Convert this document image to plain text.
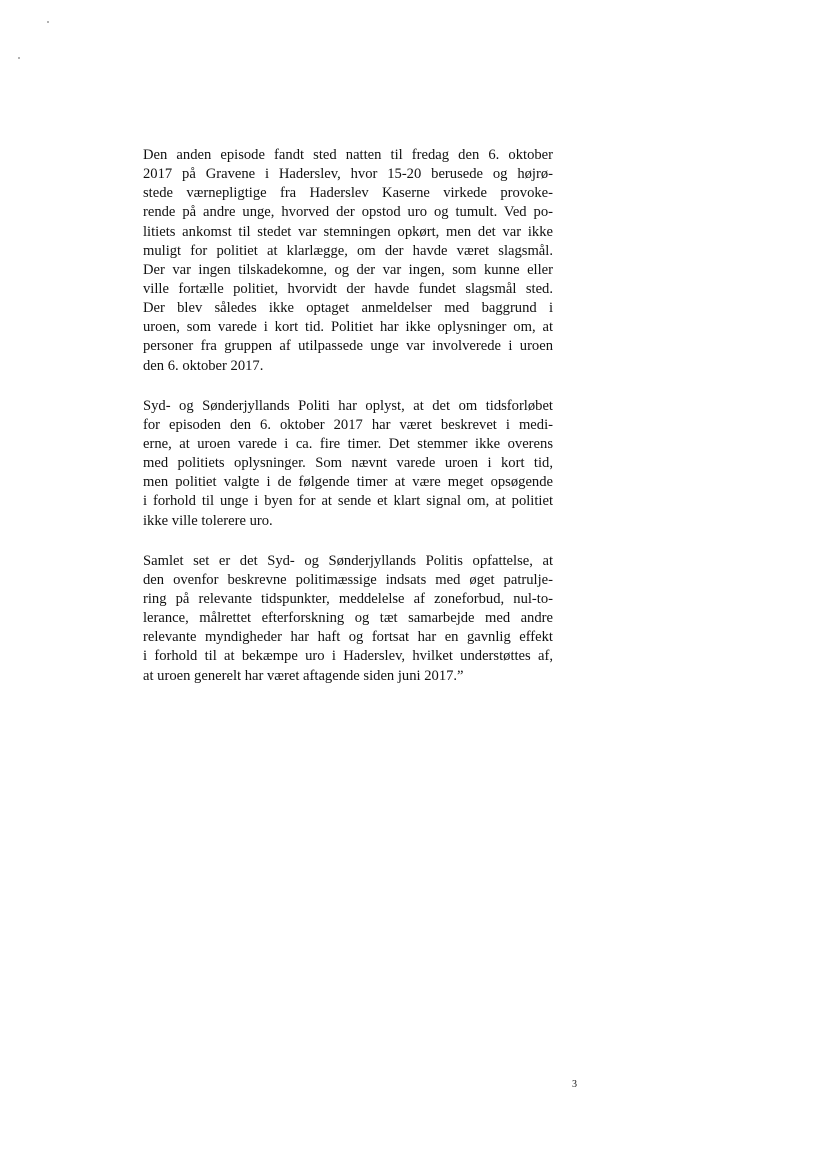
Den anden episode fandt sted natten til fredag den 6. oktober
2017 på Gravene i Haderslev, hvor 15-20 berusede og højrø-
stede værnepligtige fra Haderslev Kaserne virkede provoke-
rende på andre unge, hvorved der opstod uro og tumult. Ved po-
litiets ankomst til stedet var stemningen opkørt, men det var ikke
muligt for politiet at klarlægge, om der havde været slagsmål.
Der var ingen tilskadekomne, og der var ingen, som kunne eller
ville fortælle politiet, hvorvidt der havde fundet slagsmål sted.
Der blev således ikke optaget anmeldelser med baggrund i
uroen, som varede i kort tid. Politiet har ikke oplysninger om, at
personer fra gruppen af utilpassede unge var involverede i uroen
den 6. oktober 2017.

Syd- og Sønderjyllands Politi har oplyst, at det om tidsforløbet
for episoden den 6. oktober 2017 har været beskrevet i medi-
erne, at uroen varede i ca. fire timer. Det stemmer ikke overens
med politiets oplysninger. Som nævnt varede uroen i kort tid,
men politiet valgte i de følgende timer at være meget opsøgende
i forhold til unge i byen for at sende et klart signal om, at politiet
ikke ville tolerere uro.

Samlet set er det Syd- og Sønderjyllands Politis opfattelse, at
den ovenfor beskrevne politimæssige indsats med øget patrulje-
ring på relevante tidspunkter, meddelelse af zoneforbud, nul-to-
lerance, målrettet efterforskning og tæt samarbejde med andre
relevante myndigheder har haft og fortsat har en gavnlig effekt
i forhold til at bekæmpe uro i Haderslev, hvilket understøttes af,
at uroen generelt har været aftagende siden juni 2017.”

3
